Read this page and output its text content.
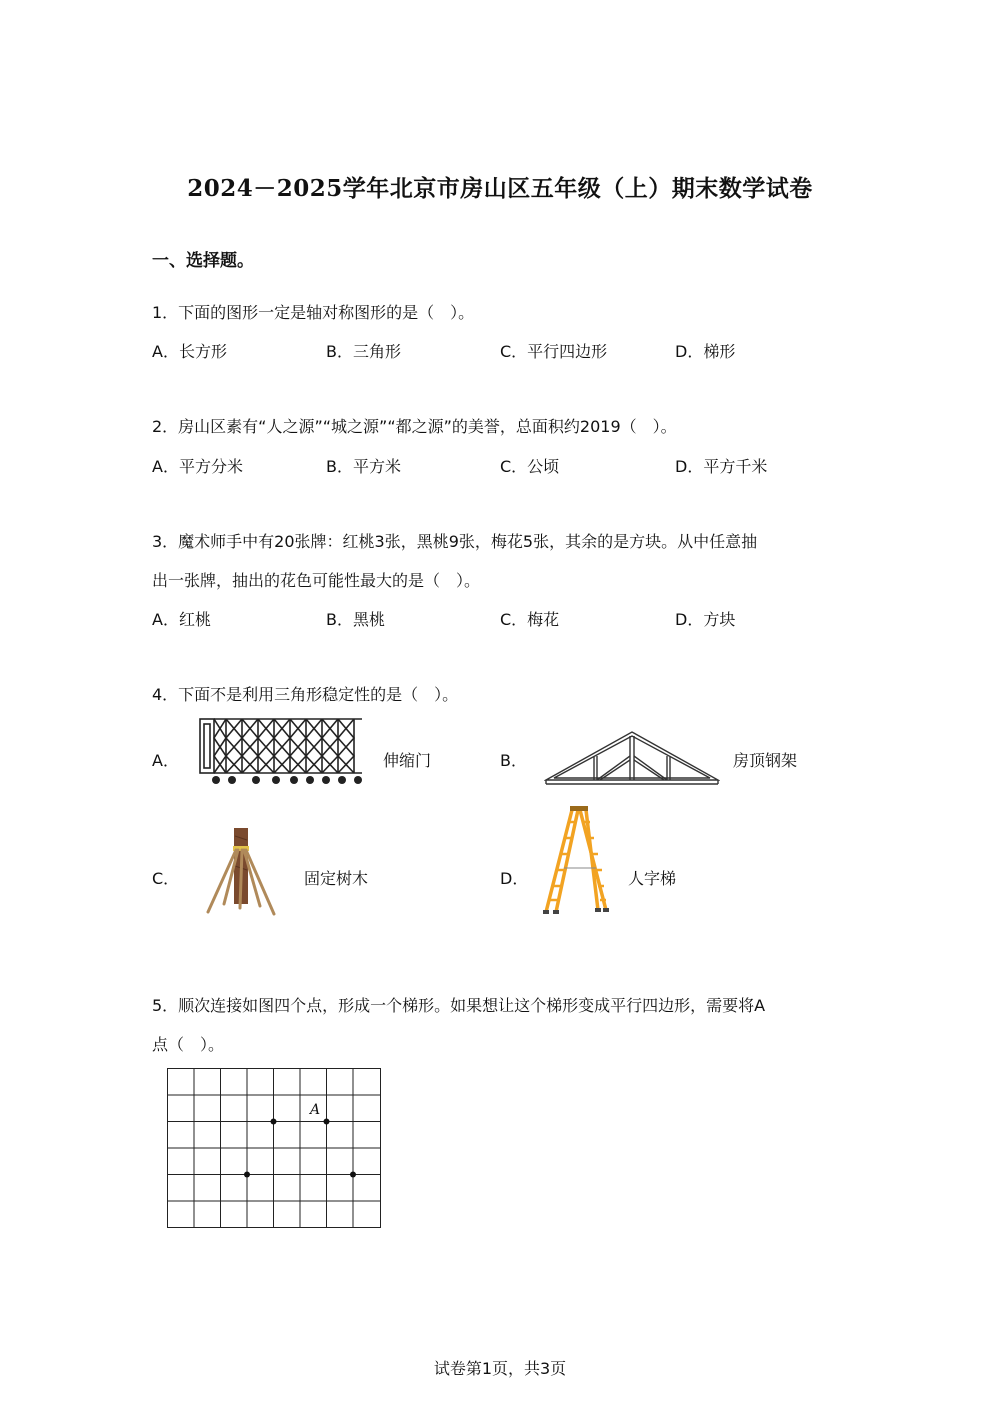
2024－2025学年北京市房山区五年级（上）期末数学试卷
一、选择题。
1．下面的图形一定是轴对称图形的是（　）。
A．长方形	B．三角形	C．平行四边形	D．梯形
2．房山区素有“人之源”“城之源”“都之源”的美誉，总面积约2019（　）。
A．平方分米	B．平方米	C．公顷	D．平方千米
3．魔术师手中有20张牌：红桃3张，黑桃9张，梅花5张，其余的是方块。从中任意抽
出一张牌，抽出的花色可能性最大的是（　）。
A．红桃	B．黑桃	C．梅花	D．方块
4．下面不是利用三角形稳定性的是（　）。
A．	伸缩门	B．	房顶钢架
C．	固定树木	D．	人字梯
5．顺次连接如图四个点，形成一个梯形。如果想让这个梯形变成平行四边形，需要将A
点（　）。
A
试卷第1页，共3页
